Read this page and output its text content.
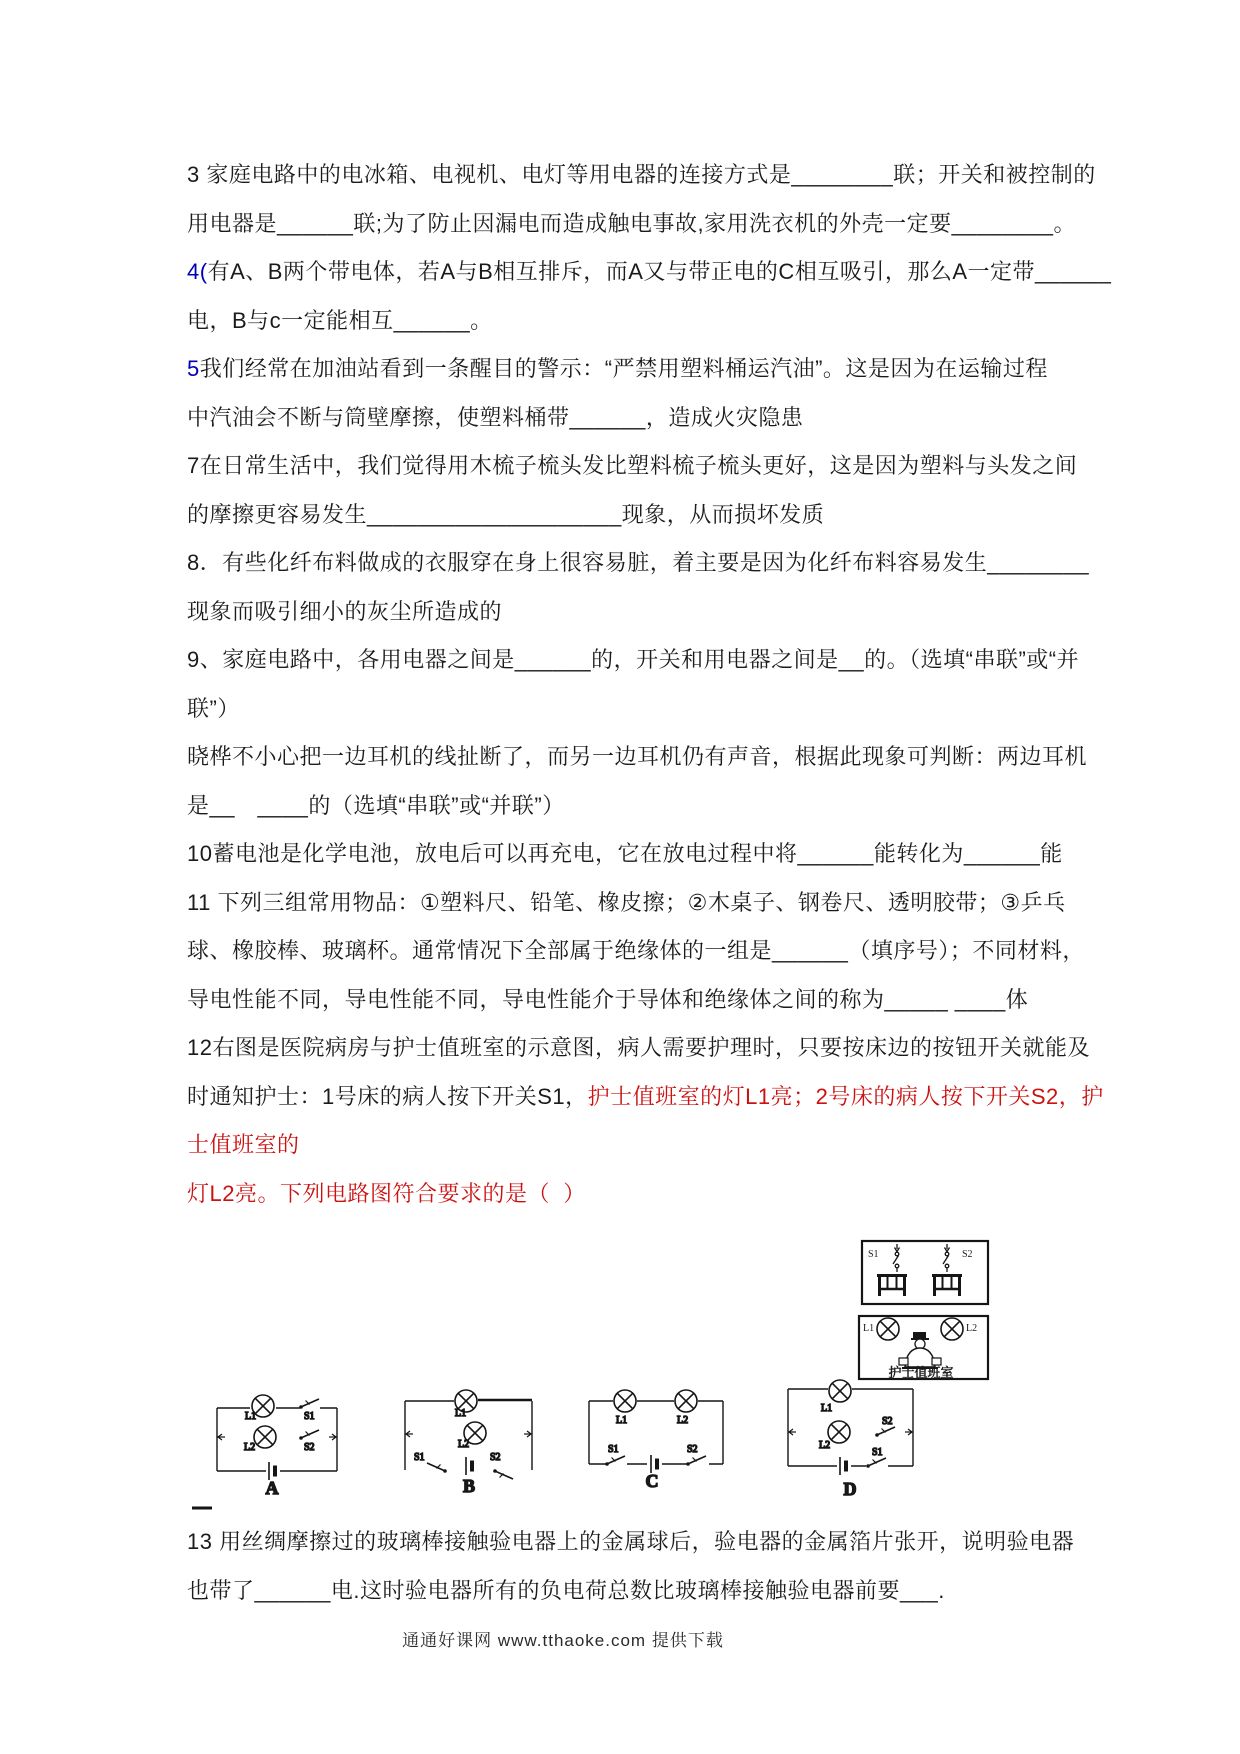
3 家庭电路中的电冰箱、电视机、电灯等用电器的连接方式是________联；开关和被控制的
用电器是______联;为了防止因漏电而造成触电事故,家用洗衣机的外壳一定要________。
4(有A、B两个带电体，若A与B相互排斥，而A又与带正电的C相互吸引，那么A一定带______
电，B与c一定能相互______。
5我们经常在加油站看到一条醒目的警示：“严禁用塑料桶运汽油”。这是因为在运输过程
中汽油会不断与筒壁摩擦，使塑料桶带______，造成火灾隐患
7在日常生活中，我们觉得用木梳子梳头发比塑料梳子梳头更好，这是因为塑料与头发之间
的摩擦更容易发生____________________现象，从而损坏发质
8．有些化纤布料做成的衣服穿在身上很容易脏，着主要是因为化纤布料容易发生________
现象而吸引细小的灰尘所造成的
9、家庭电路中，各用电器之间是______的，开关和用电器之间是__的。（选填“串联”或“并
联”）
晓桦不小心把一边耳机的线扯断了，而另一边耳机仍有声音，根据此现象可判断：两边耳机
是__　____的（选填“串联”或“并联”）
10蓄电池是化学电池，放电后可以再充电，它在放电过程中将______能转化为______能
11 下列三组常用物品：①塑料尺、铅笔、橡皮擦；②木桌子、钢卷尺、透明胶带；③乒乓
球、橡胶棒、玻璃杯。通常情况下全部属于绝缘体的一组是______（填序号）；不同材料，
导电性能不同，导电性能不同，导电性能介于导体和绝缘体之间的称为_____ ____体
12右图是医院病房与护士值班室的示意图，病人需要护理时，只要按床边的按钮开关就能及
时通知护士：1号床的病人按下开关S1，护士值班室的灯L1亮；2号床的病人按下开关S2，护
士值班室的
灯L2亮。下列电路图符合要求的是（  ）
13 用丝绸摩擦过的玻璃棒接触验电器上的金属球后，验电器的金属箔片张开，说明验电器
也带了______电.这时验电器所有的负电荷总数比玻璃棒接触验电器前要___.
S1	S2
L1	L2
护士值班室
L1	S1
L2	S2
A
L1
L2
S1	S2
B
L1	L2
S1	S2
C
L1
L2
S2
S1
D
通通好课网 www.tthaoke.com 提供下载
